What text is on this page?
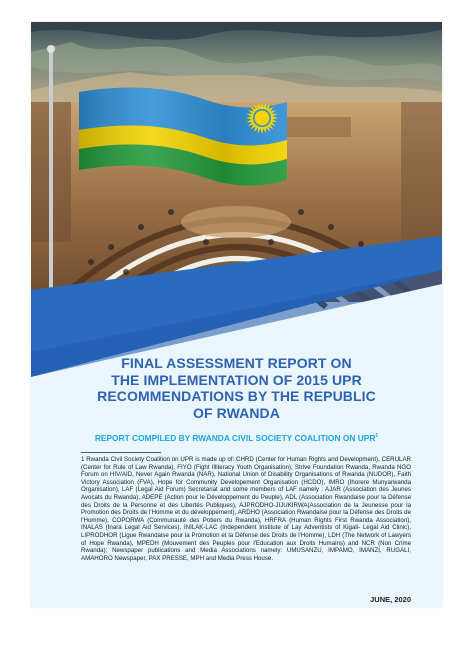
FINAL ASSESSMENT REPORT ON
THE IMPLEMENTATION OF 2015 UPR
RECOMMENDATIONS BY THE REPUBLIC
OF RWANDA

REPORT COMPILED BY RWANDA CIVIL SOCIETY COALITION ON UPR$^1$

1 Rwanda Civil Society Coalition on UPR is made up of: CHRD (Center for Human Rights and Development), CERULAR (Center for Rule of Law Rwanda), FIYO (Fight Illiteracy Youth Organisation), Strive Foundation Rwanda, Rwanda NGO Forum on HIV/AID, Never Again Rwanda (NAR), National Union of Disability Organisations of Rwanda (NUDOR), Faith Victory Association (FVA), Hope for Community Developement Organisation (HCDO), IMRO (Ihorere Munyarwanda Organisation), LAF (Legal Aid Forum) Secretariat and some members of LAF namely : AJAR (Association des Jeunes Avocats du Rwanda), ADEPE (Action pour le Développement du Peuple), ADL (Association Rwandaise pour la Défense des Droits de la Personne et des Libertés Publiques), AJPRODHO-JIJUKIRWA(Association de la Jeunesse pour la Promotion des Droits de l'Homme et du développement), ARDHO (Association Rwandaise pour la Défense des Droits de l'Homme), COPORWA (Communauté des Potiers du Rwanda), HRFRA (Human Rights First Rwanda Association), INALAS (Inara Legal Aid Services), INILAK-LAC (Independent Institute of Lay Adventists of Kigali- Legal Aid Clinic), LIPRODHOR (Ligue Rwandaise pour la Promotion et la Défense des Droits de l'Homme), LDH (The Network of Lawyers of Hope Rwanda), MPEDH (Mouvement des Peuples pour l'Education aux Droits Humains) and NCR (Non Crime Rwanda); Newspaper publications and Media Associations namely: UMUSANZU, IMPAMO, IMANZI, RUGALI, AMAHORO Newspaper, PAX PRESSE, MPH and Media Press House.

JUNE, 2020
